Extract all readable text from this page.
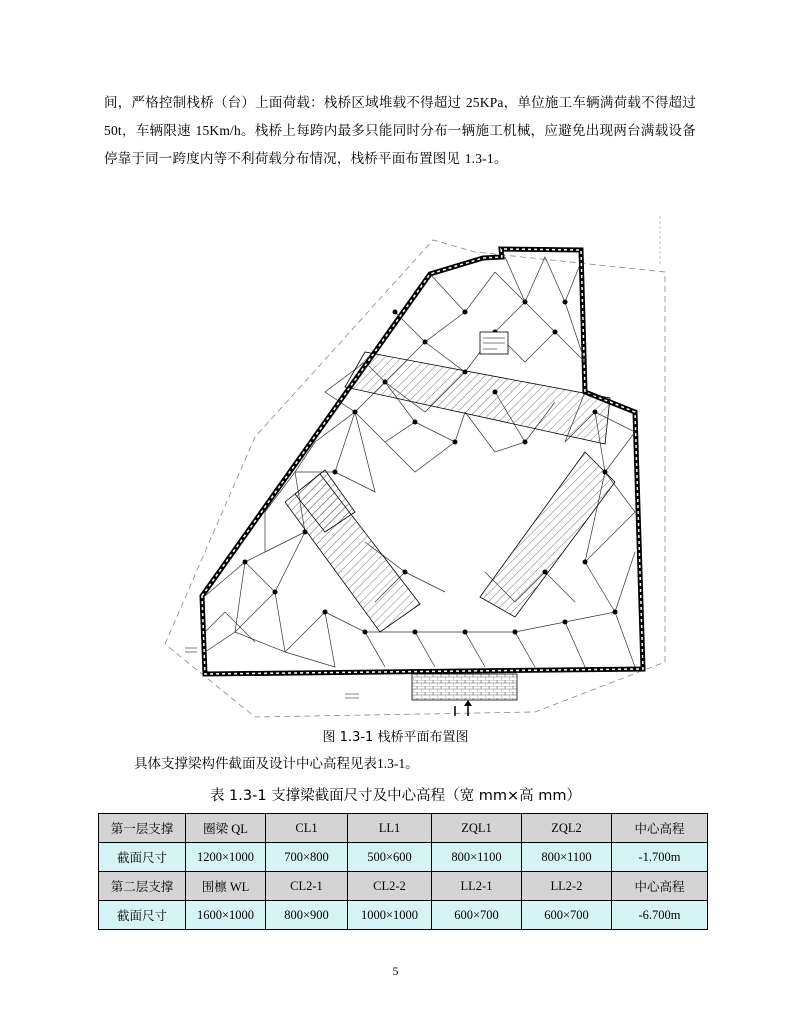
间，严格控制栈桥（台）上面荷载：栈桥区域堆载不得超过 25KPa，单位施工车辆满荷载不得超过 50t，车辆限速 15Km/h。栈桥上每跨内最多只能同时分布一辆施工机械，应避免出现两台满载设备停靠于同一跨度内等不利荷载分布情况，栈桥平面布置图见 1.3-1。
图 1.3-1 栈桥平面布置图
具体支撑梁构件截面及设计中心高程见表1.3-1。
表 1.3-1 支撑梁截面尺寸及中心高程（宽 mm×高 mm）
第一层支撑	圈梁 QL	CL1	LL1	ZQL1	ZQL2	中心高程
截面尺寸	1200×1000	700×800	500×600	800×1100	800×1100	-1.700m
第二层支撑	围檩 WL	CL2-1	CL2-2	LL2-1	LL2-2	中心高程
截面尺寸	1600×1000	800×900	1000×1000	600×700	600×700	-6.700m
5
